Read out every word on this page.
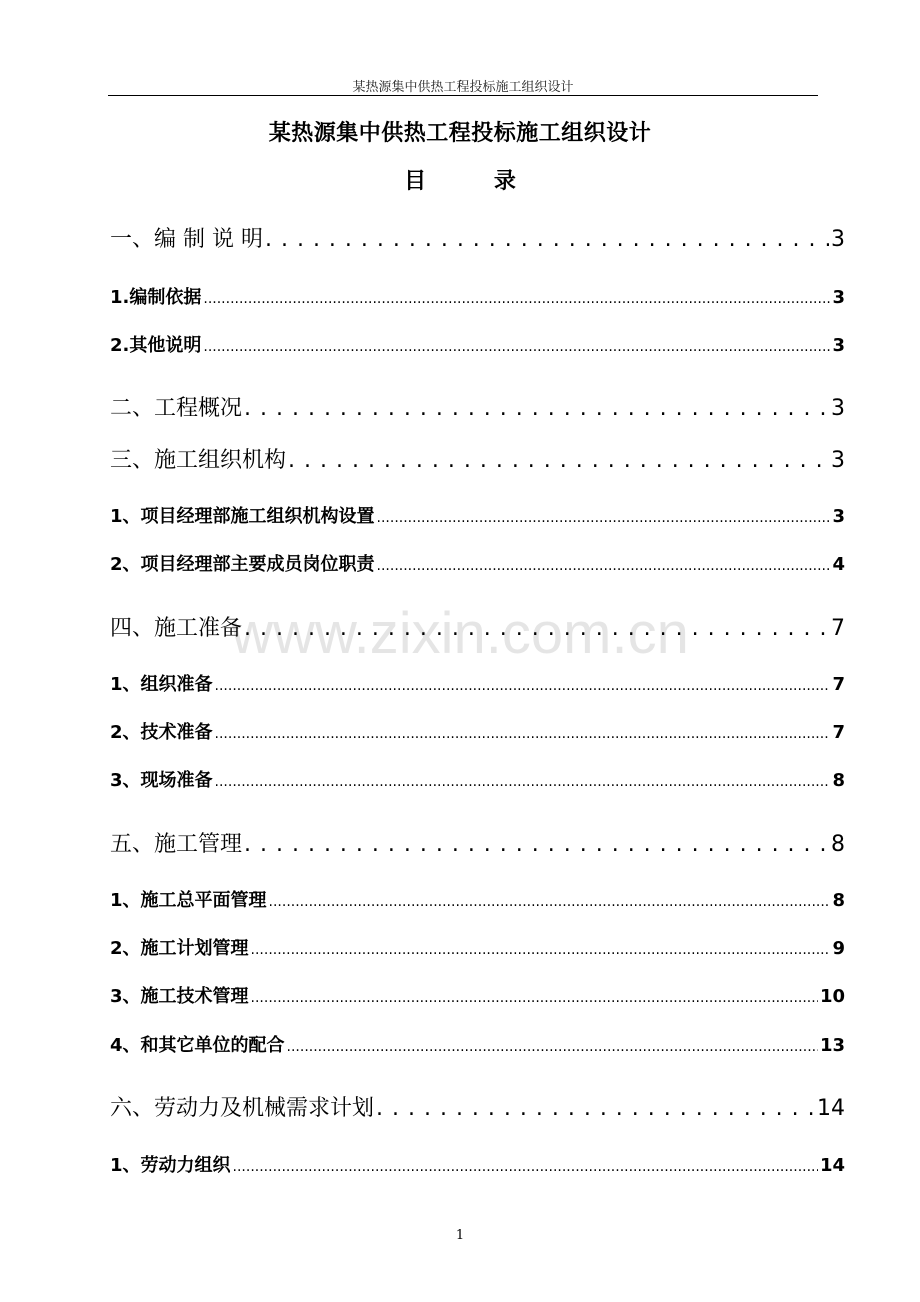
某热源集中供热工程投标施工组织设计
某热源集中供热工程投标施工组织设计
目 录
一、编 制 说 明 . . .	3
1.编制依据 .....	3
2.其他说明 .....	3
二、工程概况 . . .	3
三、施工组织机构 . . .	3
1、项目经理部施工组织机构设置 .....	3
2、项目经理部主要成员岗位职责 .....	4
四、施工准备 . . .	7
1、组织准备 .....	7
2、技术准备 .....	7
3、现场准备 .....	8
五、施工管理 . . .	8
1、施工总平面管理 .....	8
2、施工计划管理 .....	9
3、施工技术管理 .....	10
4、和其它单位的配合 .....	13
六、劳动力及机械需求计划 . . .	14
1、劳动力组织 .....	14
www.zixin.com.cn
1
